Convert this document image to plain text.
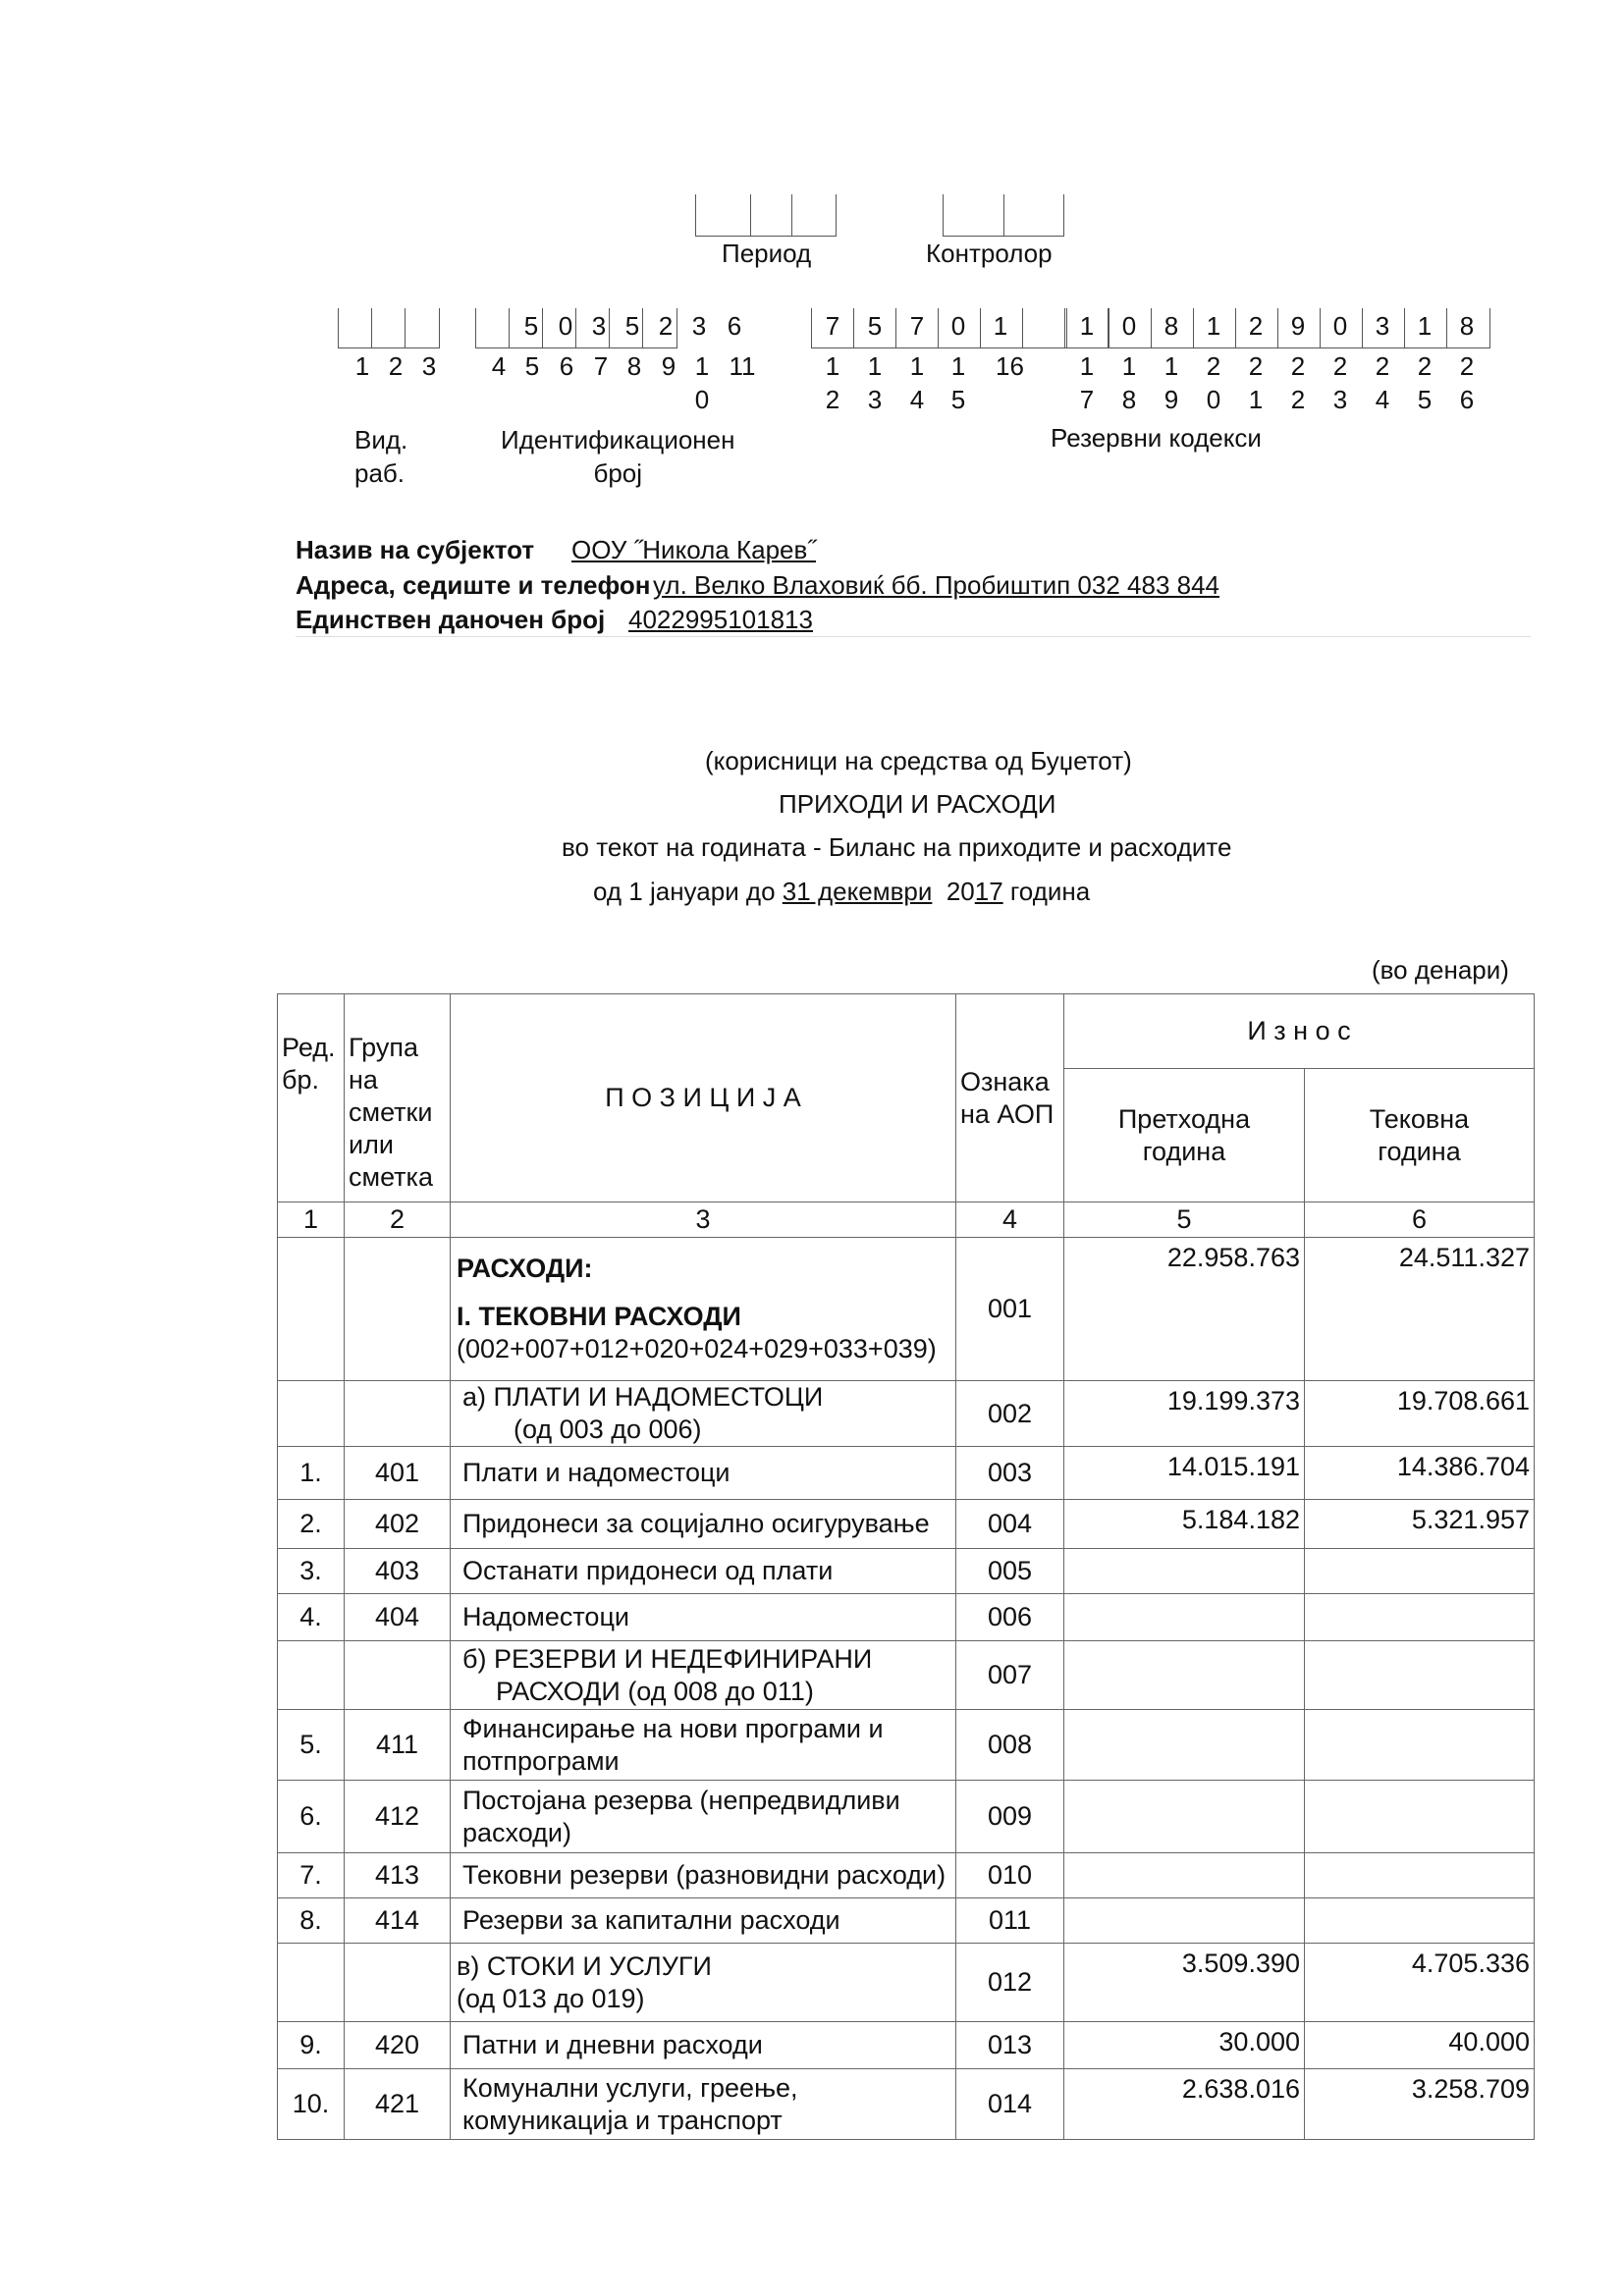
Период	Контролор
5 0 3 5 2 3 6	7 5 7 0 1	1 0 8 1 2 9 0 3 1 8
1 2 3 4 5 6 7 8 9 1 11	1 1 1 1 16 1 1 1 2 2 2 2 2 2 2
0	2 3 4 5	7 8 9 0 1 2 3 4 5 6
Вид.
раб.
Идентификационен
број
Резервни кодекси
Назив на субјектот ООУ ˝Никола Карев˝
Адреса, седиште и телефон ул. Велко Влаховиќ бб. Пробиштип 032 483 844
Единствен даночен број 4022995101813
(корисници на средства од Буџетот)
ПРИХОДИ И РАСХОДИ
во текот на годината - Биланс на приходите и расходите
од 1 јануари до 31 декември 2017 година
(во денари)
Ред. бр.	Група на сметки или сметка	П О З И Ц И Ј А	Ознака на АОП	И з н о с	
				Претходна година	Тековна година
1	2	3	4	5	6

		РАСХОДИ:
I. ТЕКОВНИ РАСХОДИ
(002+007+012+020+024+029+033+039)	001	22.958.763	24.511.327

		а) ПЛАТИ И НАДОМЕСТОЦИ
(од 003 до 006)	002	19.199.373	19.708.661
1.	401	Плати и надоместоци	003	14.015.191	14.386.704
2.	402	Придонеси за социјално осигурување	004	5.184.182	5.321.957
3.	403	Останати придонеси од плати	005		
4.	404	Надоместоци	006		

		б) РЕЗЕРВИ И НЕДЕФИНИРАНИ
РАСХОДИ (од 008 до 011)	007		
5.	411	Финансирање на нови програми и потпрограми	008		
6.	412	Постојана резерва (непредвидливи расходи)	009		
7.	413	Тековни резерви (разновидни расходи)	010		
8.	414	Резерви за капитални расходи	011		

		в) СТОКИ И УСЛУГИ
(од 013 до 019)	012	3.509.390	4.705.336
9.	420	Патни и дневни расходи	013	30.000	40.000
10.	421	Комунални услуги, греење, комуникација и транспорт	014	2.638.016	3.258.709
